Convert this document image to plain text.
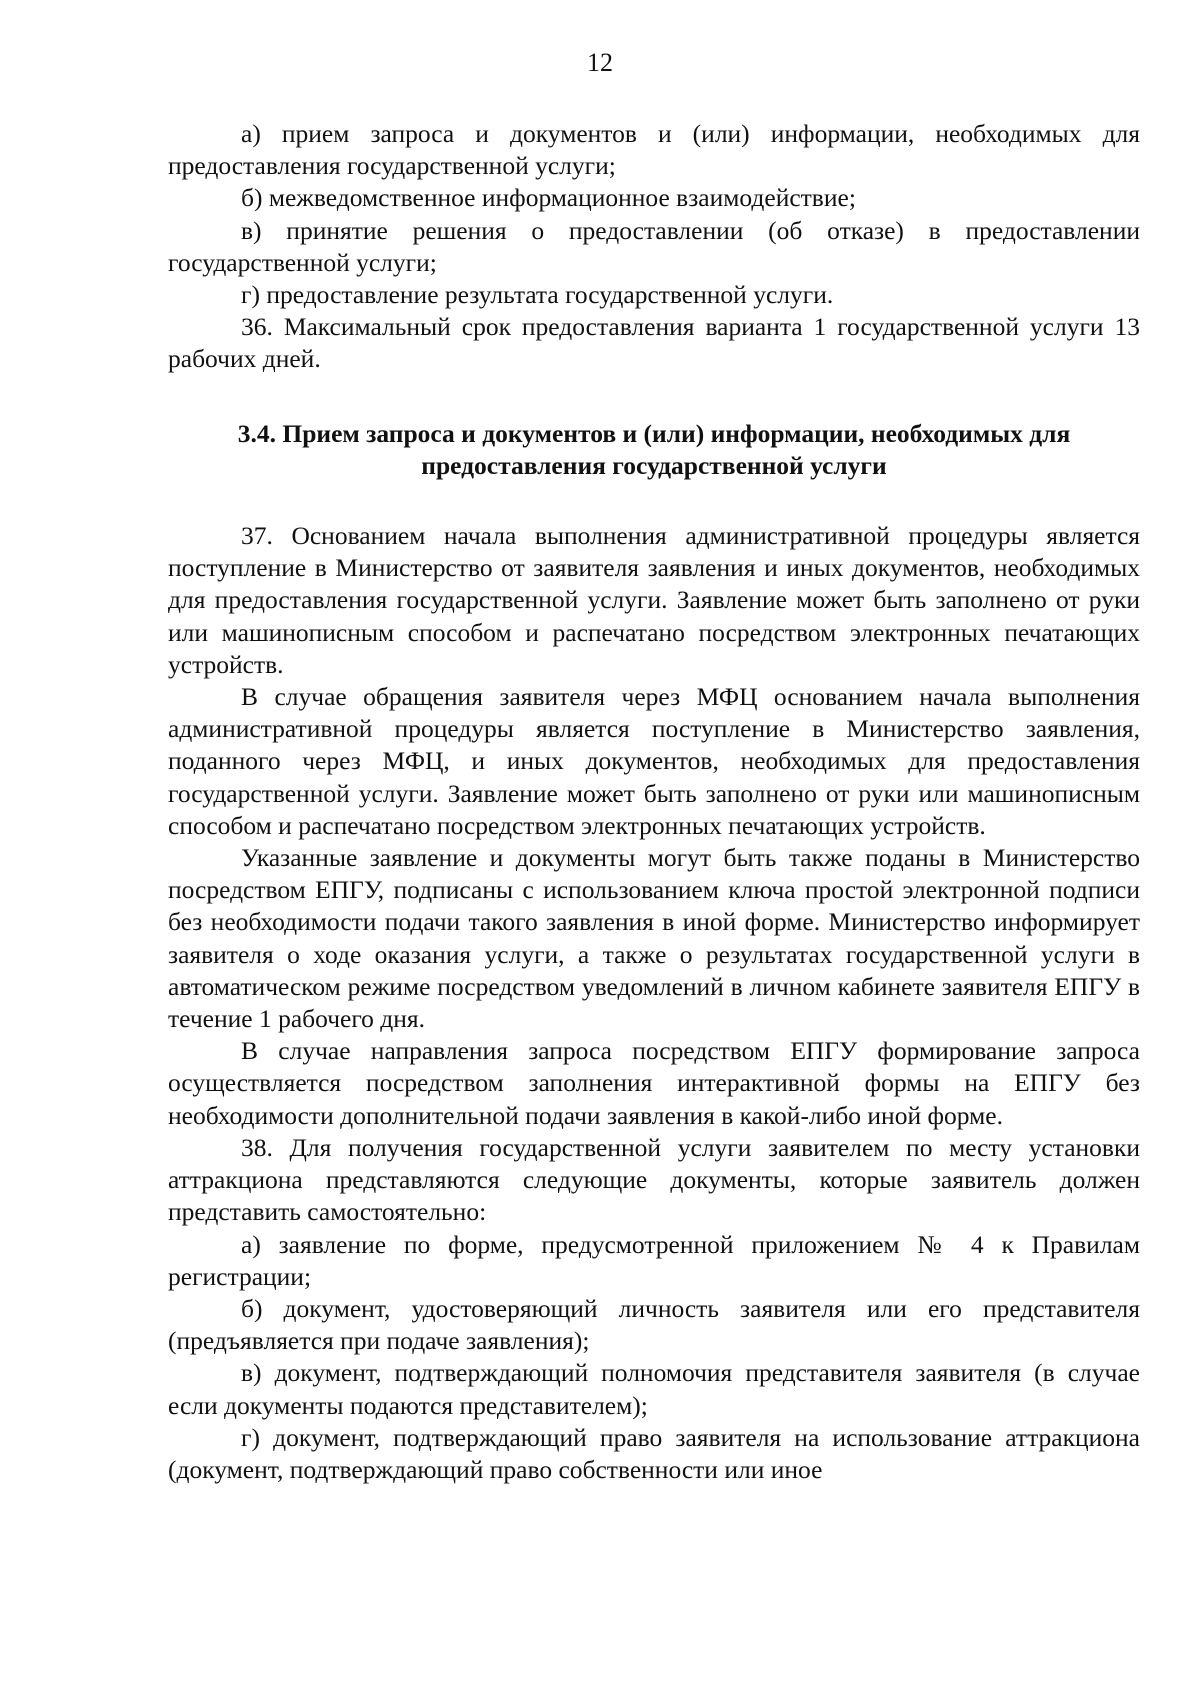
12

а) прием запроса и документов и (или) информации, необходимых для предоставления государственной услуги;

б) межведомственное информационное взаимодействие;

в) принятие решения о предоставлении (об отказе) в предоставлении государственной услуги;

г) предоставление результата государственной услуги.

36. Максимальный срок предоставления варианта 1 государственной услуги 13 рабочих дней.

3.4. Прием запроса и документов и (или) информации, необходимых для
предоставления государственной услуги

37. Основанием начала выполнения административной процедуры является поступление в Министерство от заявителя заявления и иных документов, необходимых для предоставления государственной услуги. Заявление может быть заполнено от руки или машинописным способом и распечатано посредством электронных печатающих устройств.

В случае обращения заявителя через МФЦ основанием начала выполнения административной процедуры является поступление в Министерство заявления, поданного через МФЦ, и иных документов, необходимых для предоставления государственной услуги. Заявление может быть заполнено от руки или машинописным способом и распечатано посредством электронных печатающих устройств.

Указанные заявление и документы могут быть также поданы в Министерство посредством ЕПГУ, подписаны с использованием ключа простой электронной подписи без необходимости подачи такого заявления в иной форме. Министерство информирует заявителя о ходе оказания услуги, а также о результатах государственной услуги в автоматическом режиме посредством уведомлений в личном кабинете заявителя ЕПГУ в течение 1 рабочего дня.

В случае направления запроса посредством ЕПГУ формирование запроса осуществляется посредством заполнения интерактивной формы на ЕПГУ без необходимости дополнительной подачи заявления в какой-либо иной форме.

38. Для получения государственной услуги заявителем по месту установки аттракциона представляются следующие документы, которые заявитель должен представить самостоятельно:

а) заявление по форме, предусмотренной приложением № 4 к Правилам регистрации;

б) документ, удостоверяющий личность заявителя или его представителя (предъявляется при подаче заявления);

в) документ, подтверждающий полномочия представителя заявителя (в случае если документы подаются представителем);

г) документ, подтверждающий право заявителя на использование аттракциона (документ, подтверждающий право собственности или иное
